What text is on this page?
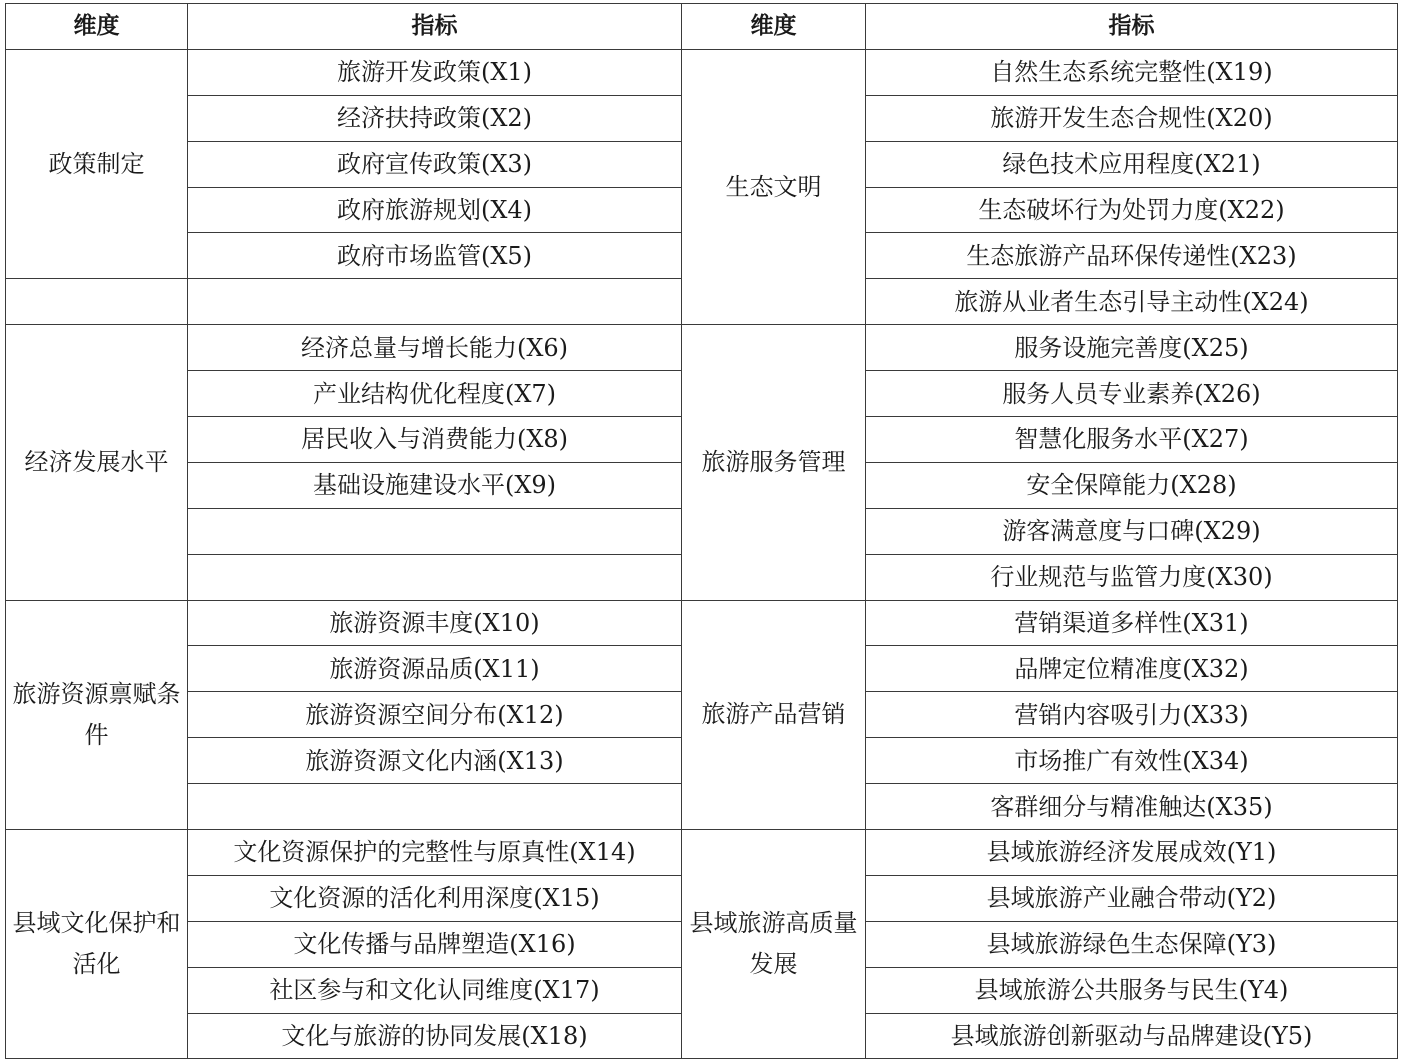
维度	指标	维度	指标
政策制定	旅游开发政策(X1)	生态文明	自然生态系统完整性(X19)
	经济扶持政策(X2)		旅游开发生态合规性(X20)
	政府宣传政策(X3)		绿色技术应用程度(X21)
	政府旅游规划(X4)		生态破坏行为处罚力度(X22)
	政府市场监管(X5)		生态旅游产品环保传递性(X23)
			旅游从业者生态引导主动性(X24)
经济发展水平	经济总量与增长能力(X6)	旅游服务管理	服务设施完善度(X25)
	产业结构优化程度(X7)		服务人员专业素养(X26)
	居民收入与消费能力(X8)		智慧化服务水平(X27)
	基础设施建设水平(X9)		安全保障能力(X28)
			游客满意度与口碑(X29)
			行业规范与监管力度(X30)
旅游资源禀赋条件	旅游资源丰度(X10)	旅游产品营销	营销渠道多样性(X31)
	旅游资源品质(X11)		品牌定位精准度(X32)
	旅游资源空间分布(X12)		营销内容吸引力(X33)
	旅游资源文化内涵(X13)		市场推广有效性(X34)
			客群细分与精准触达(X35)
县域文化保护和活化	文化资源保护的完整性与原真性(X14)	县域旅游高质量发展	县域旅游经济发展成效(Y1)
	文化资源的活化利用深度(X15)		县域旅游产业融合带动(Y2)
	文化传播与品牌塑造(X16)		县域旅游绿色生态保障(Y3)
	社区参与和文化认同维度(X17)		县域旅游公共服务与民生(Y4)
	文化与旅游的协同发展(X18)		县域旅游创新驱动与品牌建设(Y5)
